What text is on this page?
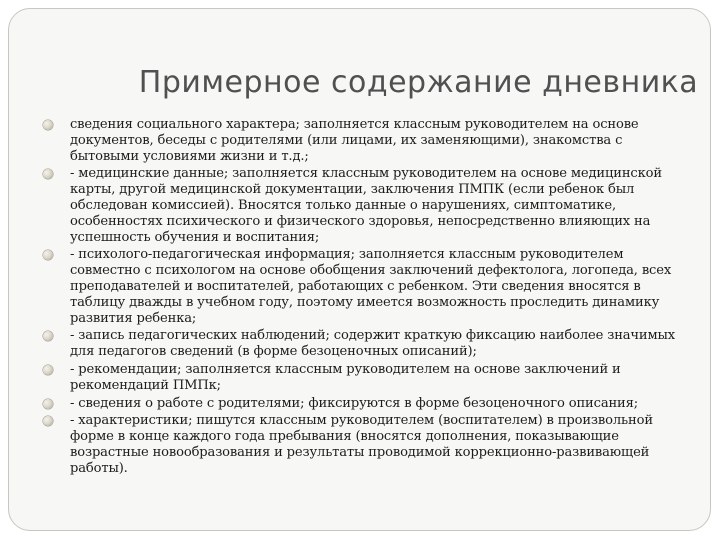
Примерное содержание дневника
сведения социального характера; заполняется классным руководителем на основе документов, беседы с родителями (или лицами, их заменяющими), знакомства с бытовыми условиями жизни и т.д.;
- медицинские данные; заполняется классным руководителем на основе медицинской карты, другой медицинской документации, заключения ПМПК (если ребенок был обследован комиссией). Вносятся только данные о нарушениях, симптоматике, особенностях психического и физического здоровья, непосредственно влияющих на успешность обучения и воспитания;
- психолого-педагогическая информация; заполняется классным руководителем совместно с психологом на основе обобщения заключений дефектолога, логопеда, всех преподавателей и воспитателей, работающих с ребенком. Эти сведения вносятся в таблицу дважды в учебном году, поэтому имеется возможность проследить динамику развития ребенка;
- запись педагогических наблюдений; содержит краткую фиксацию наиболее значимых для педагогов сведений (в форме безоценочных описаний);
- рекомендации; заполняется классным руководителем на основе заключений и рекомендаций ПМПк;
- сведения о работе с родителями; фиксируются в форме безоценочного описания;
- характеристики; пишутся классным руководителем (воспитателем) в произвольной форме в конце каждого года пребывания (вносятся дополнения, показывающие возрастные новообразования и результаты проводимой коррекционно-развивающей работы).
